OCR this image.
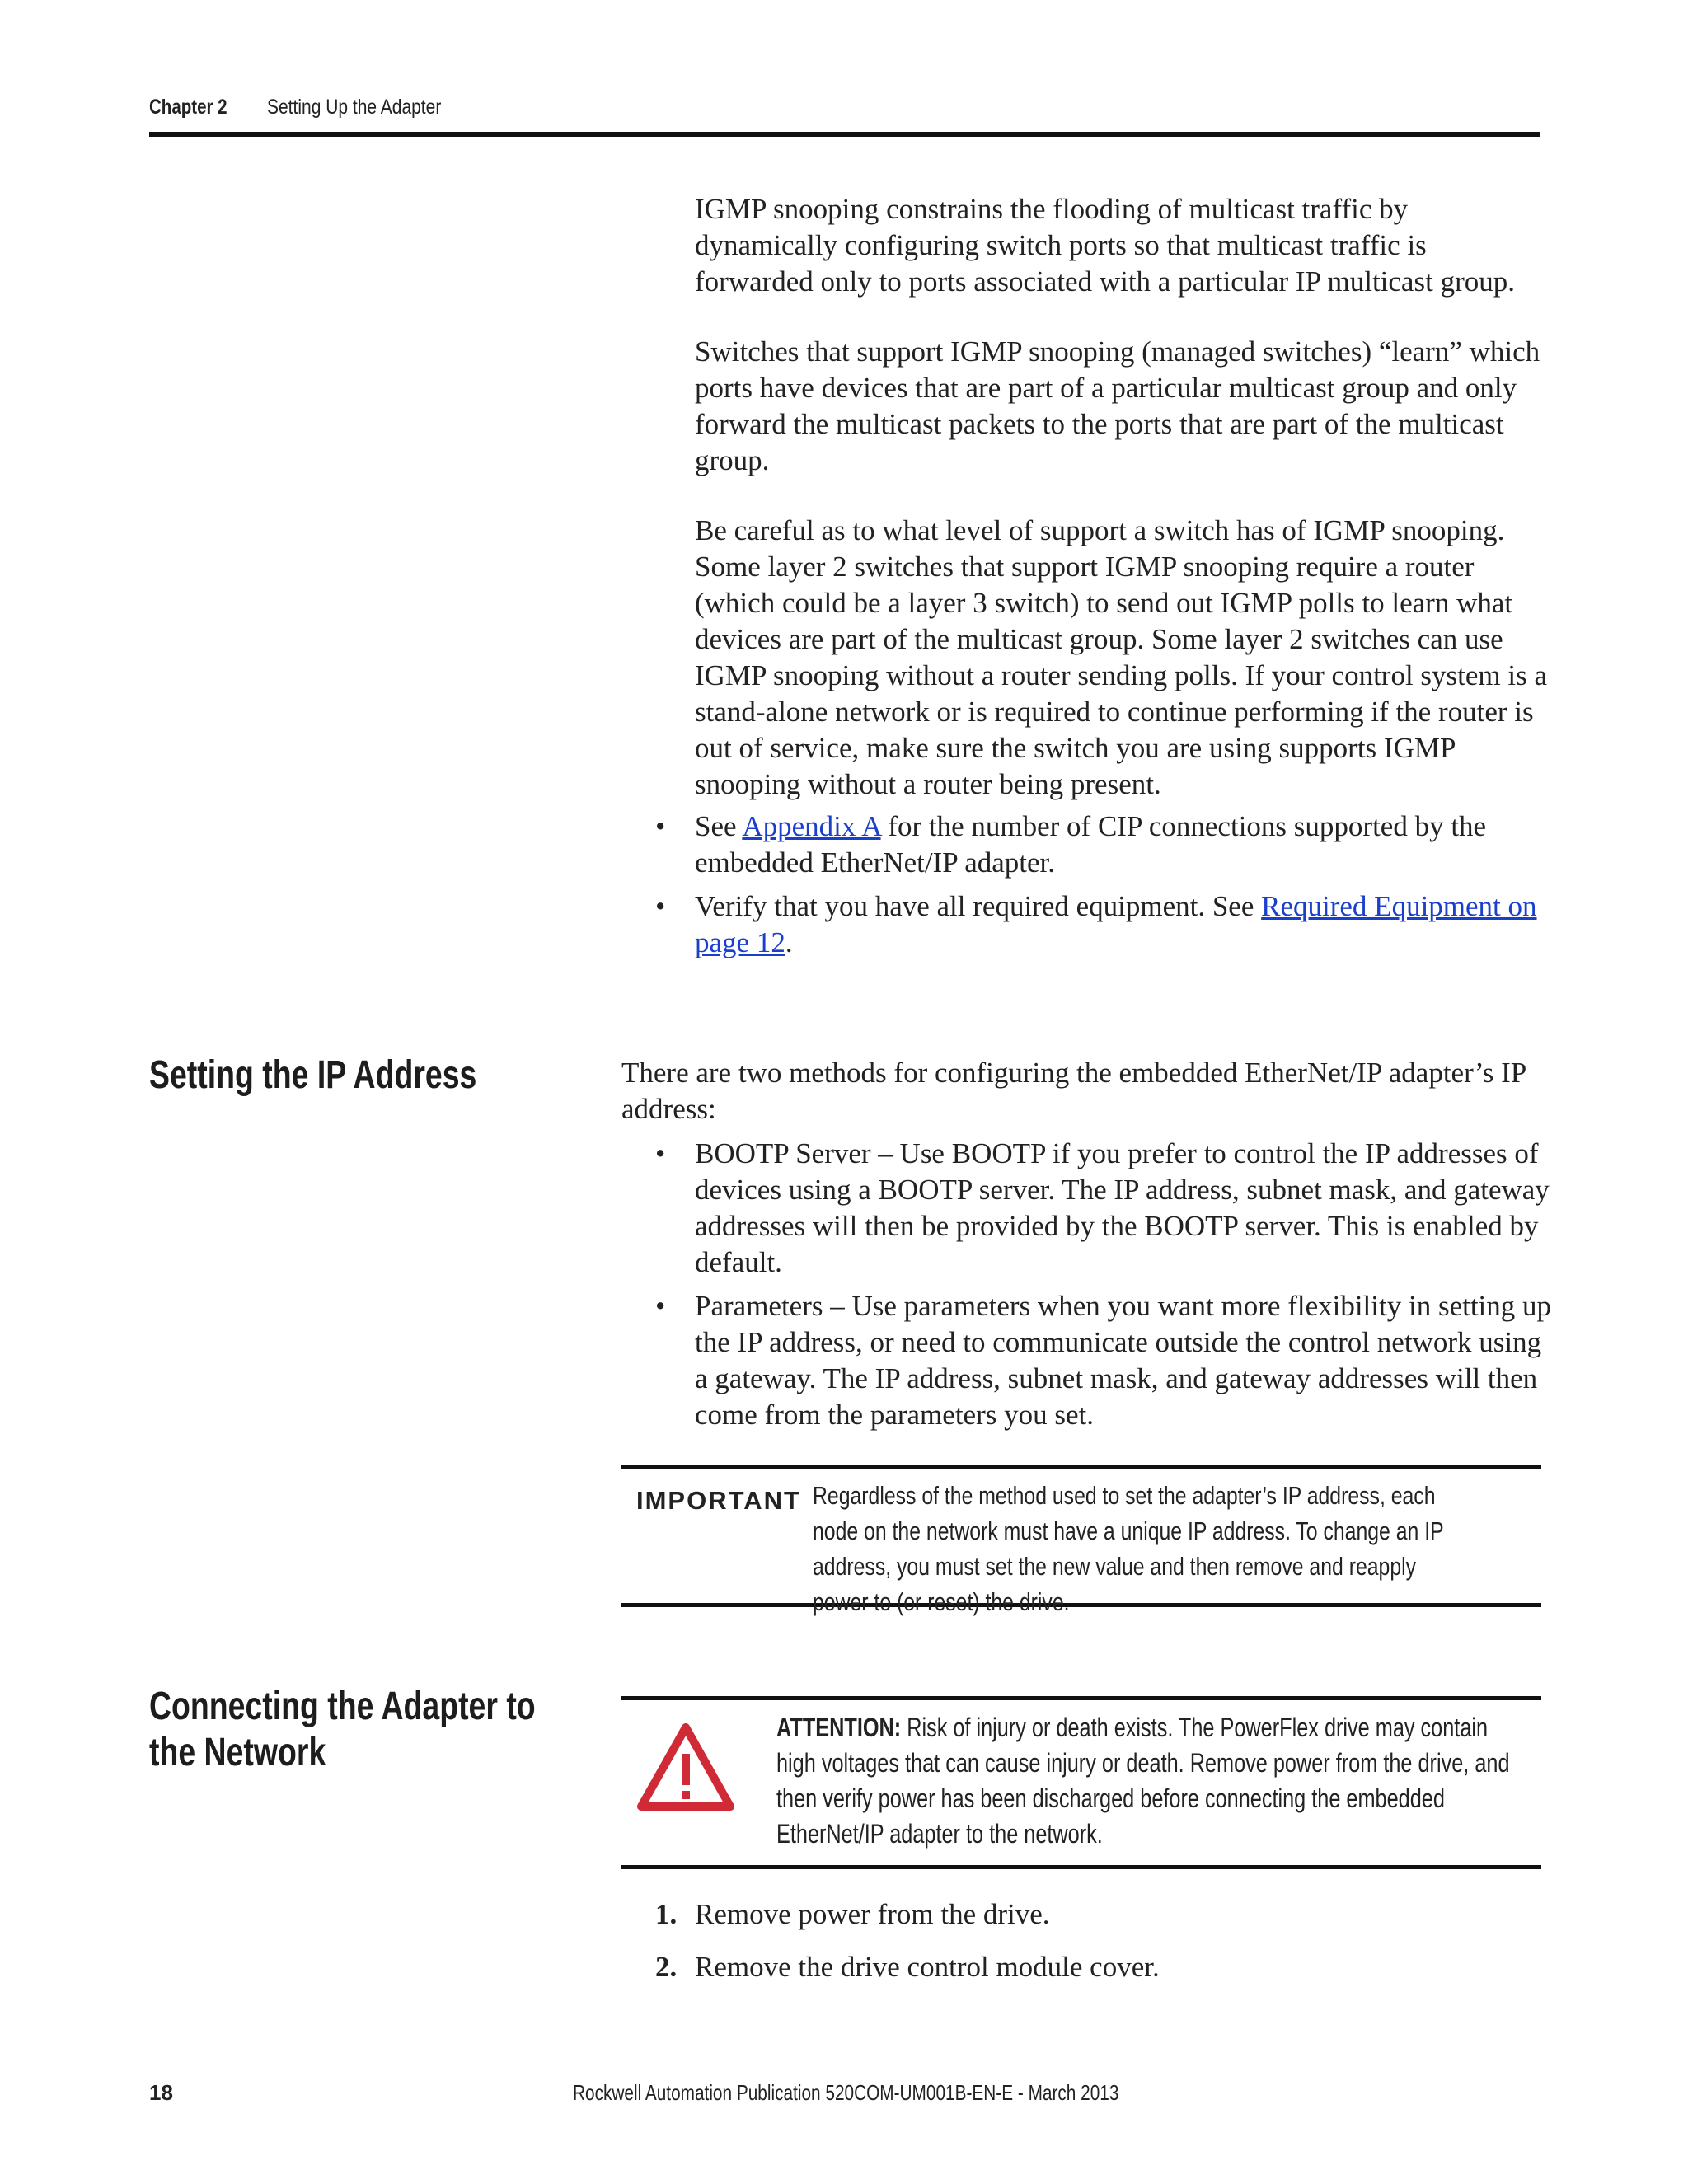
Chapter 2 Setting Up the Adapter

IGMP snooping constrains the flooding of multicast traffic by dynamically configuring switch ports so that multicast traffic is forwarded only to ports associated with a particular IP multicast group.

Switches that support IGMP snooping (managed switches) “learn” which ports have devices that are part of a particular multicast group and only forward the multicast packets to the ports that are part of the multicast group.

Be careful as to what level of support a switch has of IGMP snooping. Some layer 2 switches that support IGMP snooping require a router (which could be a layer 3 switch) to send out IGMP polls to learn what devices are part of the multicast group. Some layer 2 switches can use IGMP snooping without a router sending polls. If your control system is a stand-alone network or is required to continue performing if the router is out of service, make sure the switch you are using supports IGMP snooping without a router being present.

• See Appendix A for the number of CIP connections supported by the embedded EtherNet/IP adapter.
• Verify that you have all required equipment. See Required Equipment on page 12.
Setting the IP Address	There are two methods for configuring the embedded EtherNet/IP adapter’s IP address:

• BOOTP Server – Use BOOTP if you prefer to control the IP addresses of devices using a BOOTP server. The IP address, subnet mask, and gateway addresses will then be provided by the BOOTP server. This is enabled by default.
• Parameters – Use parameters when you want more flexibility in setting up the IP address, or need to communicate outside the control network using a gateway. The IP address, subnet mask, and gateway addresses will then come from the parameters you set.
IMPORTANT Regardless of the method used to set the adapter’s IP address, each node on the network must have a unique IP address. To change an IP address, you must set the new value and then remove and reapply power to (or reset) the drive.
Connecting the Adapter to
the Network
ATTENTION: Risk of injury or death exists. The PowerFlex drive may contain high voltages that can cause injury or death. Remove power from the drive, and then verify power has been discharged before connecting the embedded EtherNet/IP adapter to the network.
1. Remove power from the drive.
2. Remove the drive control module cover.
18	Rockwell Automation Publication 520COM-UM001B-EN-E - March 2013
